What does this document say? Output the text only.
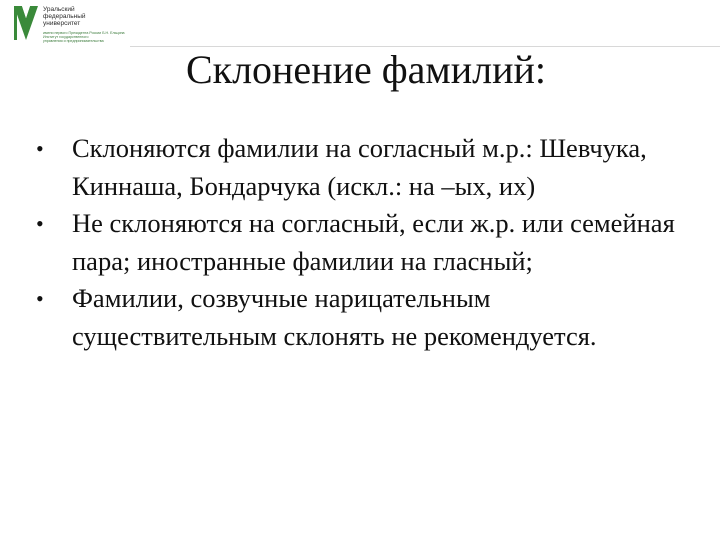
Уральский
федеральный
университет
имени первого Президента России Б.Н. Ельцина
Институт государственного
управления и предпринимательства
Склонение фамилий:
• Склоняются фамилии на согласный м.р.: Шевчука, Киннаша, Бондарчука (искл.: на –ых, их)
• Не склоняются на согласный, если ж.р. или семейная пара; иностранные фамилии на гласный;
• Фамилии, созвучные нарицательным существительным склонять не рекомендуется.
